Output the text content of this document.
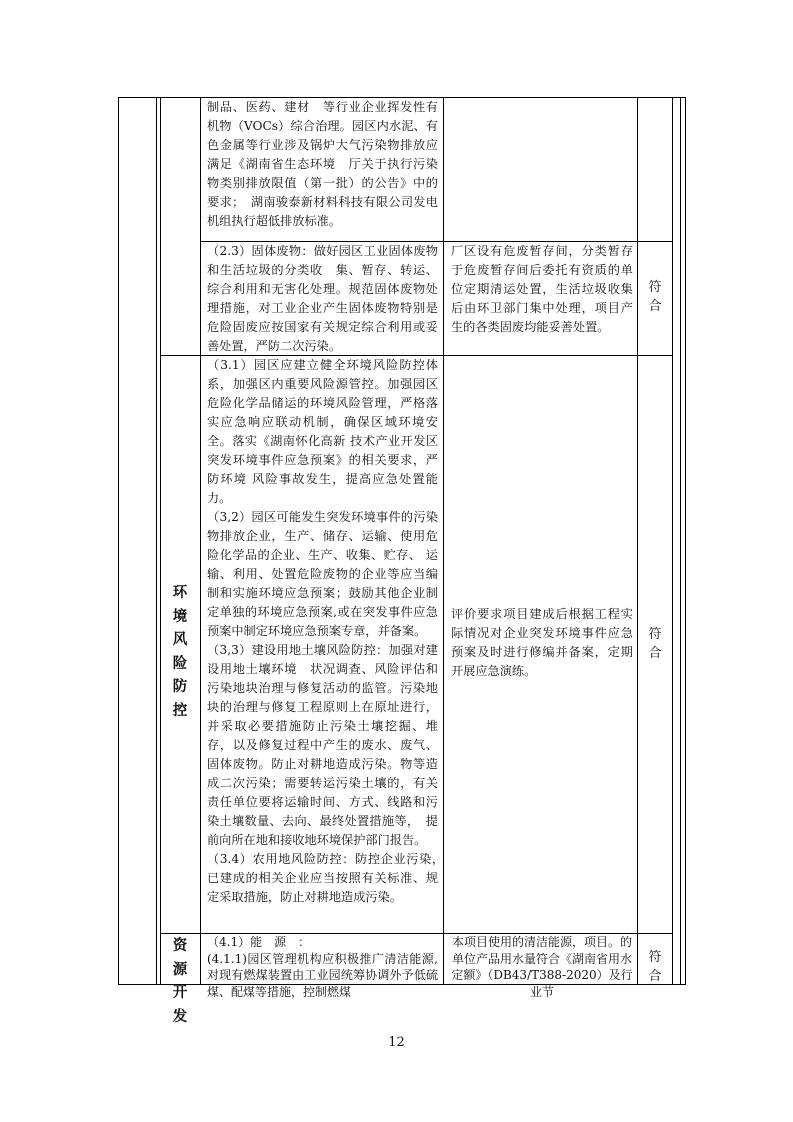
制品、医药、建材　等行业企业挥发性有机物（VOCs）综合治理。园区内水泥、有色金属等行业涉及锅炉大气污染物排放应满足《湖南省生态环境　厅关于执行污染物类别排放限值（第一批）的公告》中的要求；　湖南骏泰新材料科技有限公司发电机组执行超低排放标准。
（2.3）固体废物：做好园区工业固体废物和生活垃圾的分类收　集、暂存、转运、综合利用和无害化处理。规范固体废物处理措施，对工业企业产生固体废物特别是危险固废应按国家有关规定综合利用或妥善处置，严防二次污染。
厂区设有危废暂存间，分类暂存于危废暂存间后委托有资质的单位定期清运处置，生活垃圾收集后由环卫部门集中处理，项目产生的各类固废均能妥善处置。
符
合
环
境
风
险
防
控
（3.1）园区应建立健全环境风险防控体系，加强区内重要风险源管控。加强园区危险化学品储运的环境风险管理，严格落 实应急响应联动机制，确保区域环境安全。落实《湖南怀化高新 技术产业开发区突发环境事件应急预案》的相关要求，严防环境 风险事故发生，提高应急处置能力。
（3,2）园区可能发生突发环境事件的污染物排放企业，生产、储存、运输、使用危险化学品的企业、生产、收集、贮存、 运输、利用、处置危险废物的企业等应当编制和实施环境应急预案；鼓励其他企业制定单独的环境应急预案,或在突发事件应急预案中制定环境应急预案专章，并备案。
（3,3）建设用地土壤风险防控：加强对建设用地土壤环境　状况调查、风险评估和污染地块治理与修复活动的监管。污染地块的治理与修复工程原则上在原址进行，并采取必要措施防止污染土壤挖掘、堆存，以及修复过程中产生的废水、废气、固体废物。防止对耕地造成污染。物等造成二次污染；需要转运污染土壤的，有关责任单位要将运输时间、方式、线路和污染土壤数量、去向、最终处置措施等，　提前向所在地和接收地环境保护部门报告。
（3.4）农用地风险防控：防控企业污染，　已建成的相关企业应当按照有关标准、规定采取措施，防止对耕地造成污染。
评价要求项目建成后根据工程实际情况对企业突发环境事件应急预案及时进行修编并备案，定期开展应急演练。
符
合
资
源
开
发
（4.1）能　源　：
(4.1.1)园区管理机构应积极推广清洁能源,对现有燃煤装置由工业园统筹协调外予低硫煤、配煤等措施，控制燃煤
本项目使用的清洁能源，项目。的单位产品用水量符合《湖南省用水定额》（DB43/T388-2020）及行业节
符
合
12
